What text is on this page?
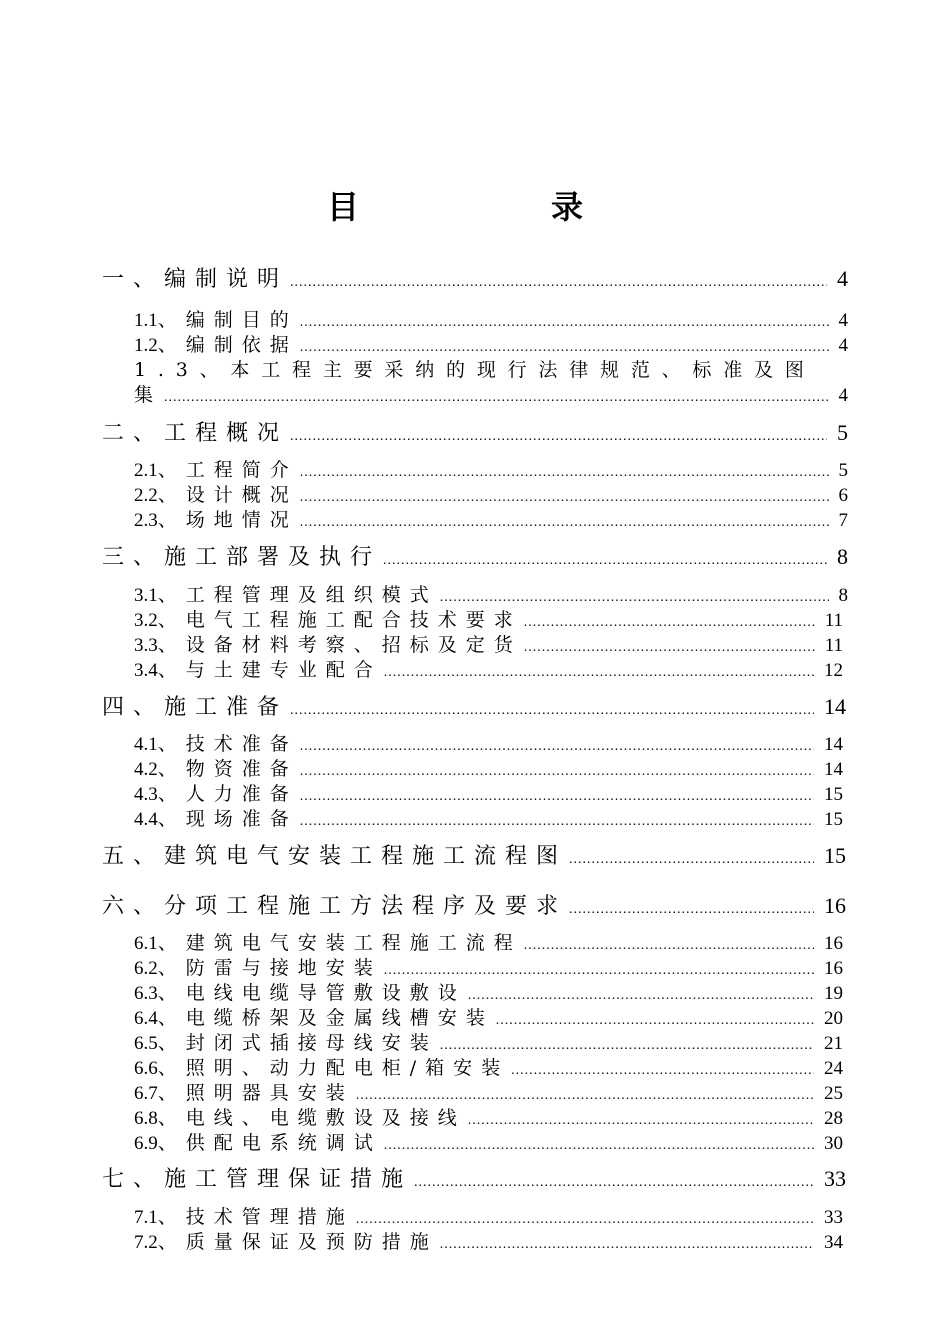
目　录
一、编制说明 .....	4
1.1、编制目的 .....	4
1.2、编制依据 .....	4
1.3、本工程主要采纳的现行法律规范、标准及图
集 .....	4
二、工程概况 .....	5
2.1、工程简介 .....	5
2.2、设计概况 .....	6
2.3、场地情况 .....	7
三、施工部署及执行 .....	8
3.1、工程管理及组织模式 .....	8
3.2、电气工程施工配合技术要求 .....	11
3.3、设备材料考察、招标及定货 .....	11
3.4、与土建专业配合 .....	12
四、施工准备 .....	14
4.1、技术准备 .....	14
4.2、物资准备 .....	14
4.3、人力准备 .....	15
4.4、现场准备 .....	15
五、建筑电气安装工程施工流程图 .....	15
六、分项工程施工方法程序及要求 .....	16
6.1、建筑电气安装工程施工流程 .....	16
6.2、防雷与接地安装 .....	16
6.3、电线电缆导管敷设敷设 .....	19
6.4、电缆桥架及金属线槽安装 .....	20
6.5、封闭式插接母线安装 .....	21
6.6、照明、动力配电柜/箱安装 .....	24
6.7、照明器具安装 .....	25
6.8、电线、电缆敷设及接线 .....	28
6.9、供配电系统调试 .....	30
七、施工管理保证措施 .....	33
7.1、技术管理措施 .....	33
7.2、质量保证及预防措施 .....	34
